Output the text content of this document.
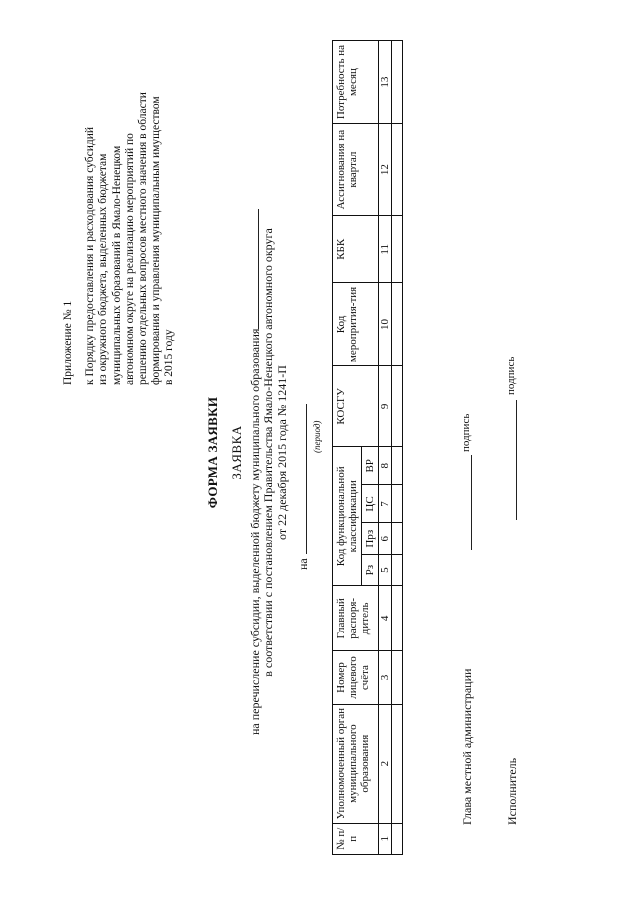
Приложение № 1 к Порядку предоставления и расходования субсидий из окружного бюджета, выделенных бюджетам муниципальных образований в Ямало-Ненецком автономном округе на реализацию мероприятий по решению отдельных вопросов местного значения в области формирования и управления муниципальным имуществом в 2015 году

ФОРМА ЗАЯВКИ ЗАЯВКА на перечисление субсидии, выделенной бюджету муниципального образования в соответствии с постановлением Правительства Ямало-Ненецкого автономного округа от 22 декабря 2015 года № 1241-П
на
(период)
№ п/п	Уполномоченный орган муниципального образования	Номер лицевого счёта	Главный распоря-дитель	Код функциональной классификации				КОСГУ	Код меропрития-тия	КБК	Ассигнования на квартал	Потребность на месяц
				Рз	Прз	ЦС	ВР					
1	2	3	4	5	6	7	8	9	10	11	12	13

Глава местной администрации
подпись
Исполнитель
подпись
